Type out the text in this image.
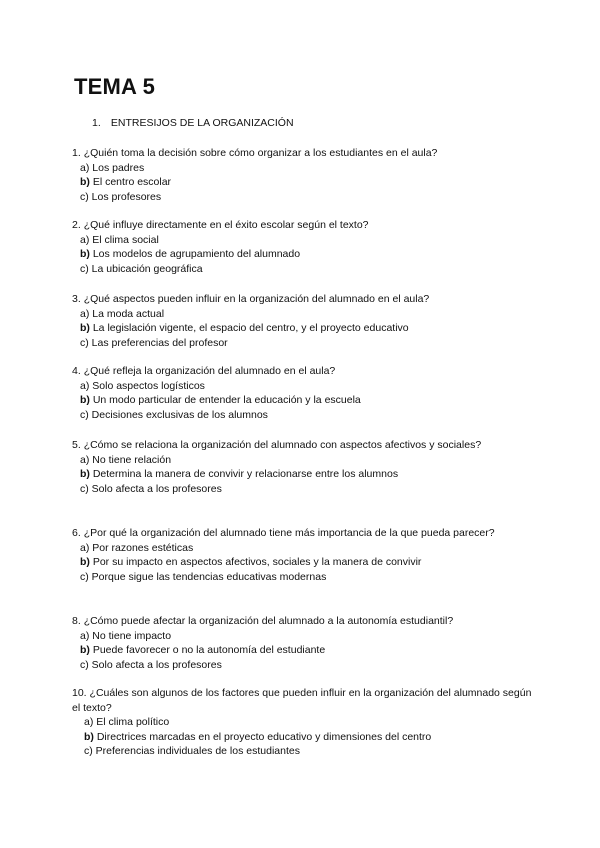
TEMA 5
1. ENTRESIJOS DE LA ORGANIZACIÓN

1. ¿Quién toma la decisión sobre cómo organizar a los estudiantes en el aula?

a) Los padres

b) El centro escolar

c) Los profesores

2. ¿Qué influye directamente en el éxito escolar según el texto?

a) El clima social

b) Los modelos de agrupamiento del alumnado

c) La ubicación geográfica

3. ¿Qué aspectos pueden influir en la organización del alumnado en el aula?

a) La moda actual

b) La legislación vigente, el espacio del centro, y el proyecto educativo

c) Las preferencias del profesor

4. ¿Qué refleja la organización del alumnado en el aula?

a) Solo aspectos logísticos

b) Un modo particular de entender la educación y la escuela

c) Decisiones exclusivas de los alumnos

5. ¿Cómo se relaciona la organización del alumnado con aspectos afectivos y sociales?

a) No tiene relación

b) Determina la manera de convivir y relacionarse entre los alumnos

c) Solo afecta a los profesores

6. ¿Por qué la organización del alumnado tiene más importancia de la que pueda parecer?

a) Por razones estéticas

b) Por su impacto en aspectos afectivos, sociales y la manera de convivir

c) Porque sigue las tendencias educativas modernas

8. ¿Cómo puede afectar la organización del alumnado a la autonomía estudiantil?

a) No tiene impacto

b) Puede favorecer o no la autonomía del estudiante

c) Solo afecta a los profesores

10. ¿Cuáles son algunos de los factores que pueden influir en la organización del alumnado según el texto?

a) El clima político

b) Directrices marcadas en el proyecto educativo y dimensiones del centro

c) Preferencias individuales de los estudiantes
